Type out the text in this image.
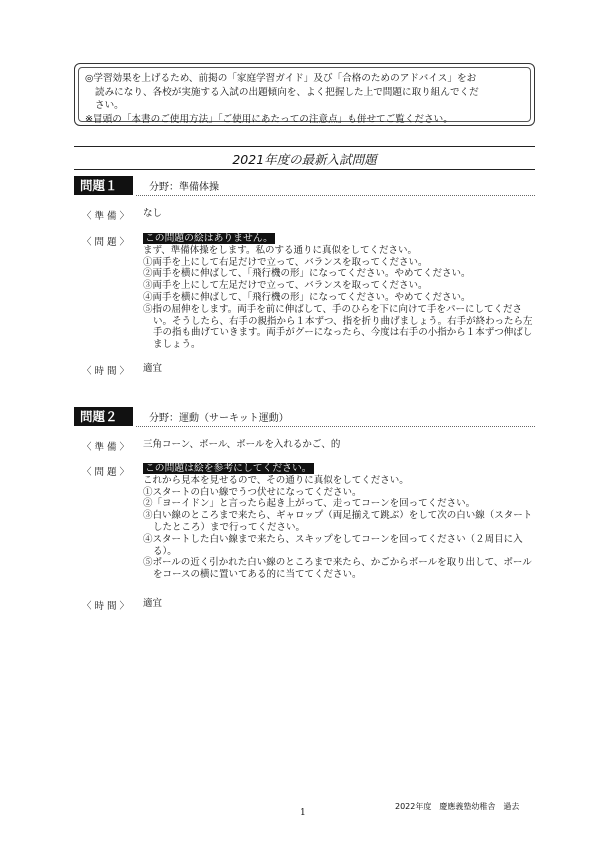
◎学習効果を上げるため、前掲の「家庭学習ガイド」及び「合格のためのアドバイス」をお

読みになり、各校が実施する入試の出題傾向を、よく把握した上で問題に取り組んでくだ

さい。

※冒頭の「本書のご使用方法」「ご使用にあたっての注意点」も併せてご覧ください。

2021年度の最新入試問題
問題１	分野：準備体操
〈 準 備 〉 なし
〈 問 題 〉 この問題の絵はありません。

まず、準備体操をします。私のする通りに真似をしてください。

①両手を上にして右足だけで立って、バランスを取ってください。

②両手を横に伸ばして、「飛行機の形」になってください。やめてください。

③両手を上にして左足だけで立って、バランスを取ってください。

④両手を横に伸ばして、「飛行機の形」になってください。やめてください。

⑤指の屈伸をします。両手を前に伸ばして、手のひらを下に向けて手をパーにしてください。そうしたら、右手の親指から１本ずつ、指を折り曲げましょう。右手が終わったら左手の指も曲げていきます。両手がグーになったら、今度は右手の小指から１本ずつ伸ばしましょう。

〈 時 間 〉 適宜
問題２	分野：運動（サーキット運動）
〈 準 備 〉 三角コーン、ボール、ボールを入れるかご、的
〈 問 題 〉 この問題は絵を参考にしてください。

これから見本を見せるので、その通りに真似をしてください。

①スタートの白い線でうつ伏せになってください。

②「ヨーイドン」と言ったら起き上がって、走ってコーンを回ってください。

③白い線のところまで来たら、ギャロップ（両足揃えて跳ぶ）をして次の白い線（スタートしたところ）まで行ってください。

④スタートした白い線まで来たら、スキップをしてコーンを回ってください（２周目に入る）。

⑤ボールの近く引かれた白い線のところまで来たら、かごからボールを取り出して、ボールをコースの横に置いてある的に当ててください。

〈 時 間 〉 適宜
1
2022年度　慶應義塾幼稚舎　過去
